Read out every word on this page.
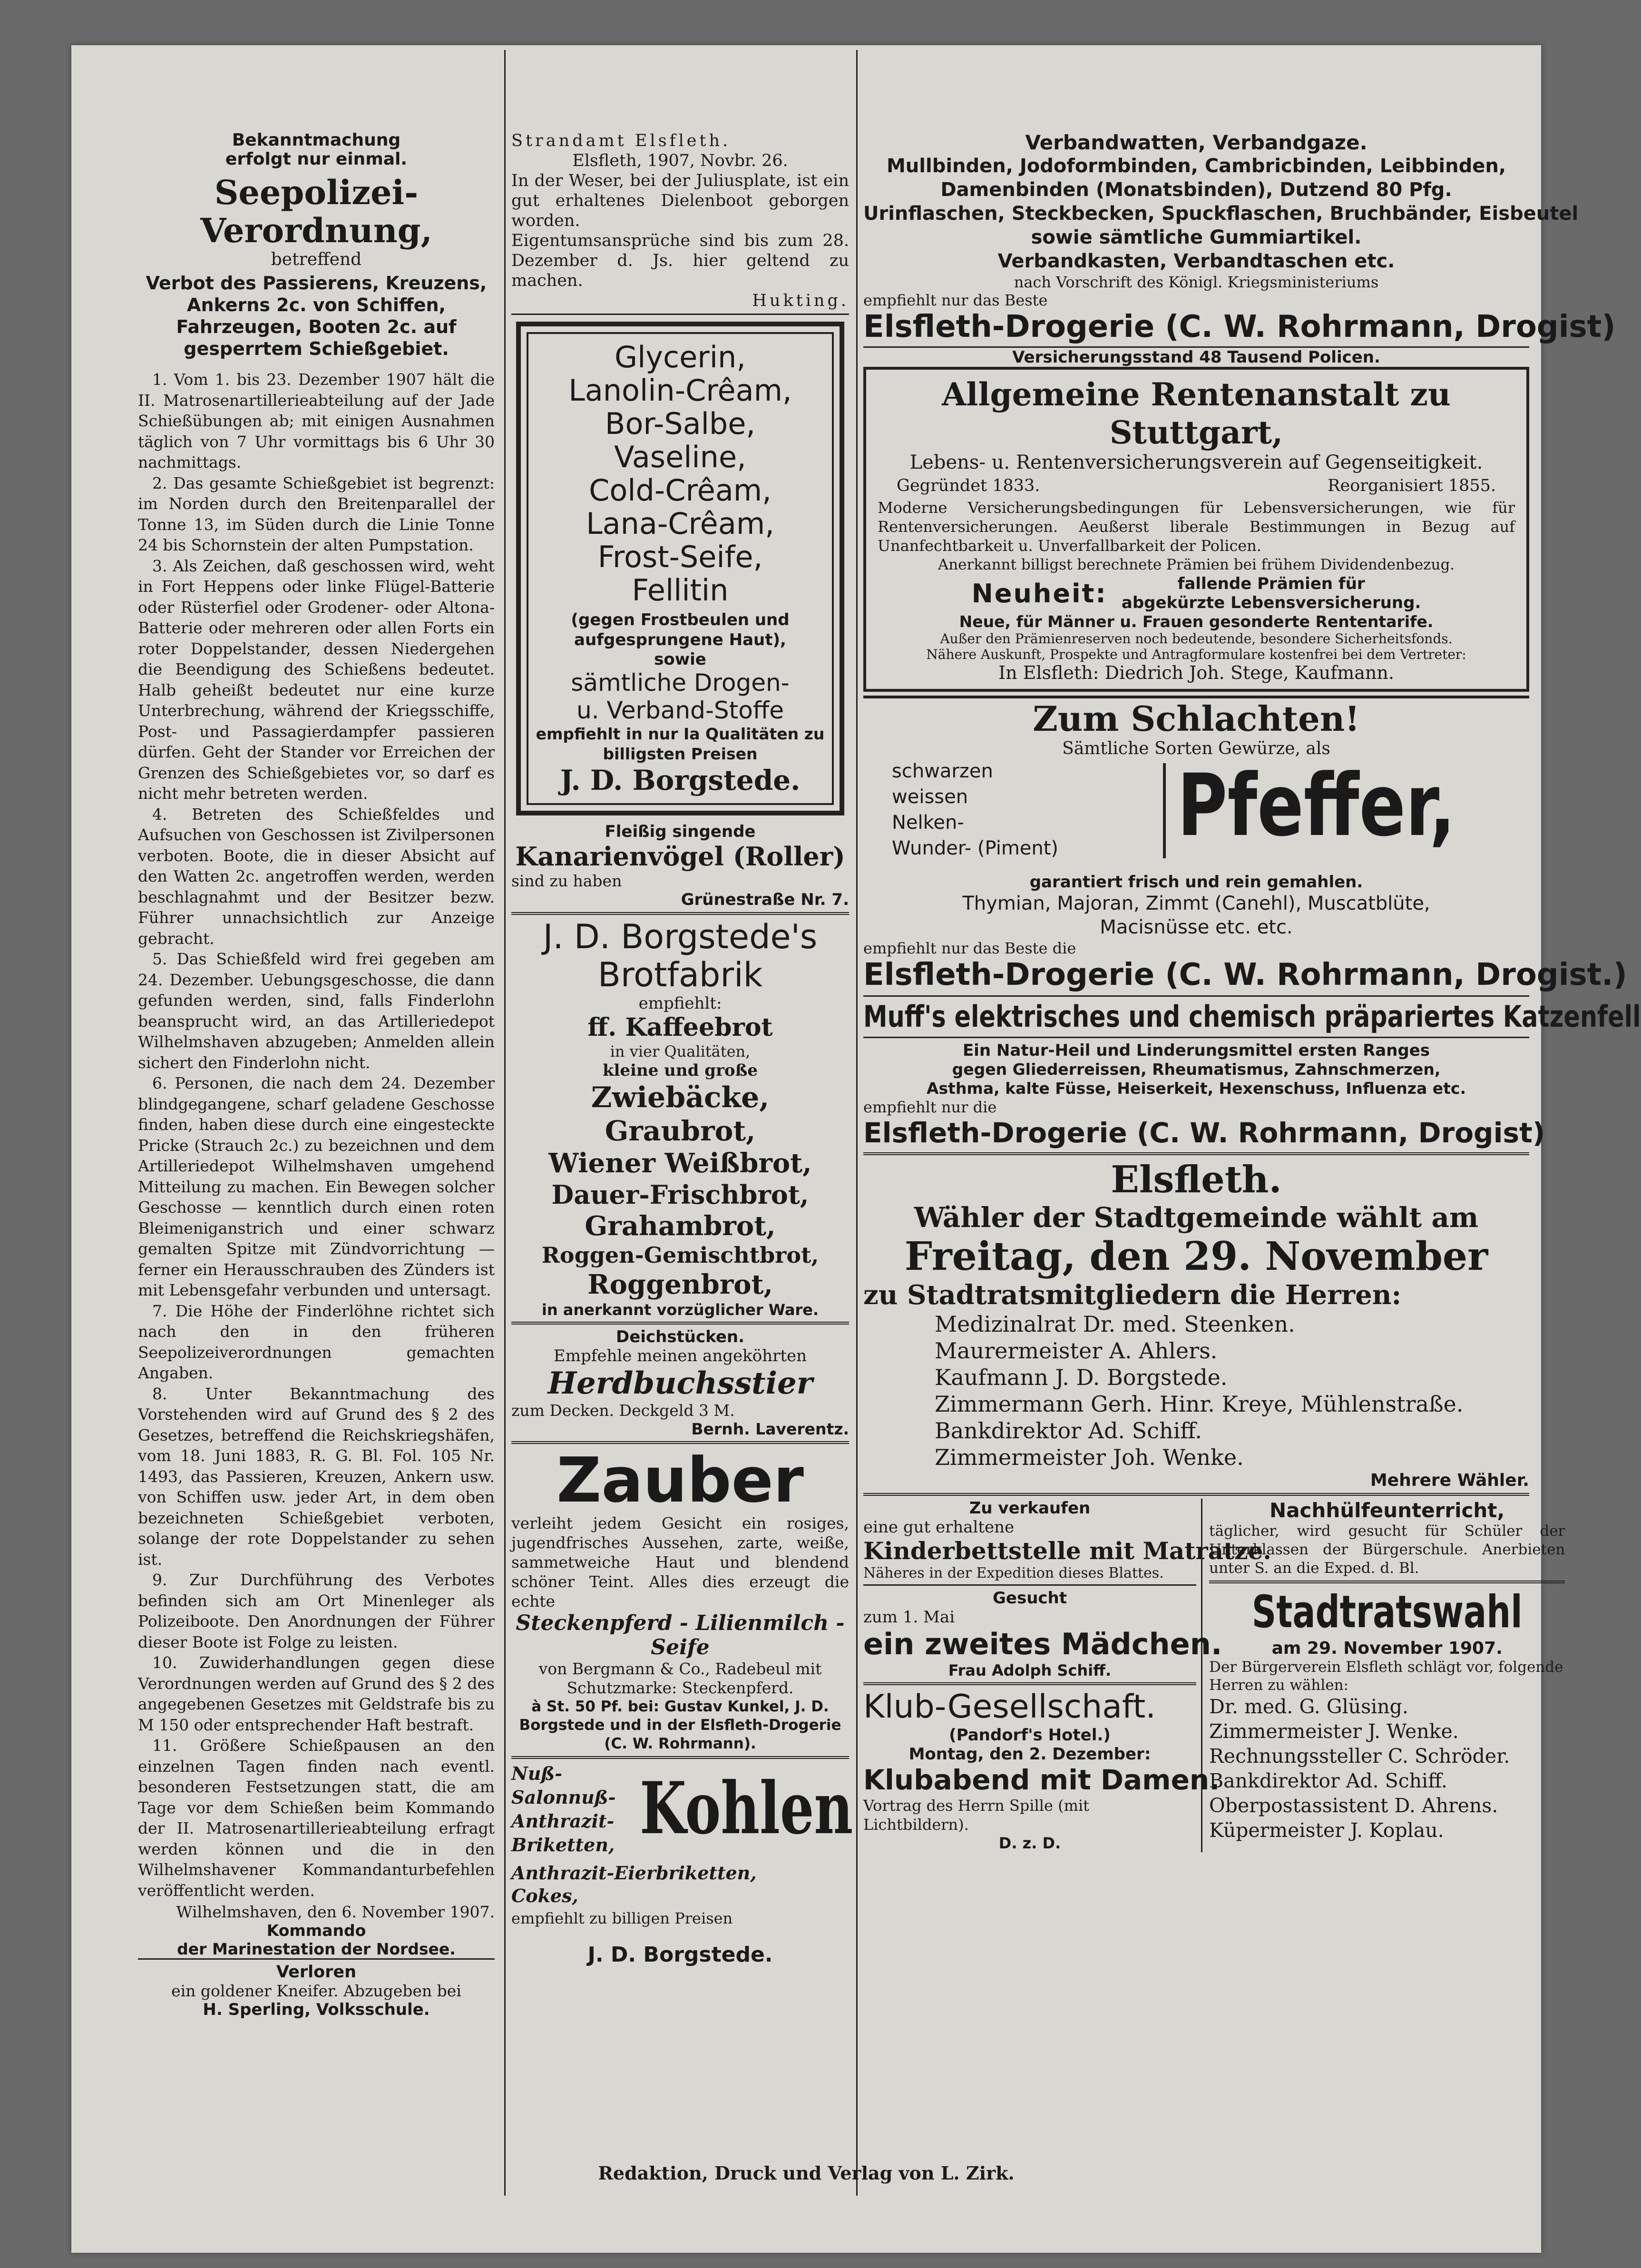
Bekanntmachung
erfolgt nur einmal.
Seepolizei-Verordnung,
betreffend
Verbot des Passierens, Kreuzens, Ankerns 2c. von Schiffen, Fahrzeugen, Booten 2c. auf gesperrtem Schießgebiet.
1. Vom 1. bis 23. Dezember 1907 hält die II. Matrosenartillerieabteilung auf der Jade Schießübungen ab; mit einigen Ausnahmen täglich von 7 Uhr vormittags bis 6 Uhr 30 nachmittags.
2. Das gesamte Schießgebiet ist begrenzt: im Norden durch den Breitenparallel der Tonne 13, im Süden durch die Linie Tonne 24 bis Schornstein der alten Pumpstation.
3. Als Zeichen, daß geschossen wird, weht in Fort Heppens oder linke Flügel-Batterie oder Rüsterfiel oder Grodener- oder Altona-Batterie oder mehreren oder allen Forts ein roter Doppelstander, dessen Niedergehen die Beendigung des Schießens bedeutet. Halb geheißt bedeutet nur eine kurze Unterbrechung, während der Kriegsschiffe, Post- und Passagierdampfer passieren dürfen. Geht der Stander vor Erreichen der Grenzen des Schießgebietes vor, so darf es nicht mehr betreten werden.
4. Betreten des Schießfeldes und Aufsuchen von Geschossen ist Zivilpersonen verboten. Boote, die in dieser Absicht auf den Watten 2c. angetroffen werden, werden beschlagnahmt und der Besitzer bezw. Führer unnachsichtlich zur Anzeige gebracht.
5. Das Schießfeld wird frei gegeben am 24. Dezember. Uebungsgeschosse, die dann gefunden werden, sind, falls Finderlohn beansprucht wird, an das Artilleriedepot Wilhelmshaven abzugeben; Anmelden allein sichert den Finderlohn nicht.
6. Personen, die nach dem 24. Dezember blindgegangene, scharf geladene Geschosse finden, haben diese durch eine eingesteckte Pricke (Strauch 2c.) zu bezeichnen und dem Artilleriedepot Wilhelmshaven umgehend Mitteilung zu machen. Ein Bewegen solcher Geschosse — kenntlich durch einen roten Bleimeniganstrich und einer schwarz gemalten Spitze mit Zündvorrichtung — ferner ein Herausschrauben des Zünders ist mit Lebensgefahr verbunden und untersagt.
7. Die Höhe der Finderlöhne richtet sich nach den in den früheren Seepolizeiverordnungen gemachten Angaben.
8. Unter Bekanntmachung des Vorstehenden wird auf Grund des § 2 des Gesetzes, betreffend die Reichskriegshäfen, vom 18. Juni 1883, R. G. Bl. Fol. 105 Nr. 1493, das Passieren, Kreuzen, Ankern usw. von Schiffen usw. jeder Art, in dem oben bezeichneten Schießgebiet verboten, solange der rote Doppelstander zu sehen ist.
9. Zur Durchführung des Verbotes befinden sich am Ort Minenleger als Polizeiboote. Den Anordnungen der Führer dieser Boote ist Folge zu leisten.
10. Zuwiderhandlungen gegen diese Verordnungen werden auf Grund des § 2 des angegebenen Gesetzes mit Geldstrafe bis zu M 150 oder entsprechender Haft bestraft.
11. Größere Schießpausen an den einzelnen Tagen finden nach eventl. besonderen Festsetzungen statt, die am Tage vor dem Schießen beim Kommando der II. Matrosenartillerieabteilung erfragt werden können und die in den Wilhelmshavener Kommandanturbefehlen veröffentlicht werden.
Wilhelmshaven, den 6. November 1907.
Kommando
der Marinestation der Nordsee.
Verloren
ein goldener Kneifer. Abzugeben bei
H. Sperling, Volksschule.
Strandamt Elsfleth.
Elsfleth, 1907, Novbr. 26.
In der Weser, bei der Juliusplate, ist ein gut erhaltenes Dielenboot geborgen worden.
Eigentumsansprüche sind bis zum 28. Dezember d. Js. hier geltend zu machen.
Hukting.
Glycerin,
Lanolin-Crêam,
Bor-Salbe,
Vaseline,
Cold-Crêam,
Lana-Crêam,
Frost-Seife,
Fellitin
(gegen Frostbeulen und aufgesprungene Haut),
sowie
sämtliche Drogen-
u. Verband-Stoffe
empfiehlt in nur Ia Qualitäten zu billigsten Preisen
J. D. Borgstede.
Fleißig singende
Kanarienvögel (Roller)
sind zu haben
Grünestraße Nr. 7.
J. D. Borgstede's
Brotfabrik
empfiehlt:
ff. Kaffeebrot
in vier Qualitäten,
kleine und große
Zwiebäcke,
Graubrot,
Wiener Weißbrot,
Dauer-Frischbrot,
Grahambrot,
Roggen-Gemischtbrot,
Roggenbrot,
in anerkannt vorzüglicher Ware.
Deichstücken.
Empfehle meinen angeköhrten
Herdbuchsstier
zum Decken. Deckgeld 3 M.
Bernh. Laverentz.
Zauber
verleiht jedem Gesicht ein rosiges, jugendfrisches Aussehen, zarte, weiße, sammetweiche Haut und blendend schöner Teint. Alles dies erzeugt die echte
Steckenpferd - Lilienmilch - Seife
von Bergmann & Co., Radebeul mit Schutzmarke: Steckenpferd.
à St. 50 Pf. bei: Gustav Kunkel, J. D. Borgstede und in der Elsfleth-Drogerie (C. W. Rohrmann).
Nuß-
Salonnuß-
Anthrazit-
Briketten, Kohlen
Anthrazit-Eierbriketten,
Cokes,
empfiehlt zu billigen Preisen
J. D. Borgstede.
Verbandwatten, Verbandgaze.
Mullbinden, Jodoformbinden, Cambricbinden, Leibbinden,
Damenbinden (Monatsbinden), Dutzend 80 Pfg.
Urinflaschen, Steckbecken, Spuckflaschen, Bruchbänder, Eisbeutel
sowie sämtliche Gummiartikel.
Verbandkasten, Verbandtaschen etc.
nach Vorschrift des Königl. Kriegsministeriums
empfiehlt nur das Beste
Elsfleth-Drogerie (C. W. Rohrmann, Drogist)
Versicherungsstand 48 Tausend Policen.
Allgemeine Rentenanstalt zu Stuttgart,
Lebens- u. Rentenversicherungsverein auf Gegenseitigkeit.
Gegründet 1833.	Reorganisiert 1855.
Moderne Versicherungsbedingungen für Lebensversicherungen, wie für Rentenversicherungen. Aeußerst liberale Bestimmungen in Bezug auf Unanfechtbarkeit u. Unverfallbarkeit der Policen.
Anerkannt billigst berechnete Prämien bei frühem Dividendenbezug.
Neuheit:	fallende Prämien für
abgekürzte Lebensversicherung.
Neue, für Männer u. Frauen gesonderte Rententarife.
Außer den Prämienreserven noch bedeutende, besondere Sicherheitsfonds.
Nähere Auskunft, Prospekte und Antragformulare kostenfrei bei dem Vertreter:
In Elsfleth: Diedrich Joh. Stege, Kaufmann.
Zum Schlachten!
Sämtliche Sorten Gewürze, als
schwarzen
weissen
Nelken-
Wunder- (Piment) Pfeffer,
garantiert frisch und rein gemahlen.
Thymian, Majoran, Zimmt (Canehl), Muscatblüte,
Macisnüsse etc. etc.
empfiehlt nur das Beste die
Elsfleth-Drogerie (C. W. Rohrmann, Drogist.)
Muff's elektrisches und chemisch präpariertes Katzenfell
Ein Natur-Heil und Linderungsmittel ersten Ranges
gegen Gliederreissen, Rheumatismus, Zahnschmerzen,
Asthma, kalte Füsse, Heiserkeit, Hexenschuss, Influenza etc.
empfiehlt nur die
Elsfleth-Drogerie (C. W. Rohrmann, Drogist)
Elsfleth.
Wähler der Stadtgemeinde wählt am
Freitag, den 29. November
zu Stadtratsmitgliedern die Herren:
Medizinalrat Dr. med. Steenken.
Maurermeister A. Ahlers.
Kaufmann J. D. Borgstede.
Zimmermann Gerh. Hinr. Kreye, Mühlenstraße.
Bankdirektor Ad. Schiff.
Zimmermeister Joh. Wenke.
Mehrere Wähler.
Zu verkaufen
eine gut erhaltene
Kinderbettstelle mit Matratze.
Näheres in der Expedition dieses Blattes.
Gesucht
zum 1. Mai
ein zweites Mädchen.
Frau Adolph Schiff.
Klub-Gesellschaft.
(Pandorf's Hotel.)
Montag, den 2. Dezember:
Klubabend mit Damen.
Vortrag des Herrn Spille (mit Lichtbildern).
D. z. D.
Nachhülfeunterricht,
täglicher, wird gesucht für Schüler der Unterklassen der Bürgerschule. Anerbieten unter S. an die Exped. d. Bl.
Stadtratswahl
am 29. November 1907.
Der Bürgerverein Elsfleth schlägt vor, folgende Herren zu wählen:
Dr. med. G. Glüsing.
Zimmermeister J. Wenke.
Rechnungssteller C. Schröder.
Bankdirektor Ad. Schiff.
Oberpostassistent D. Ahrens.
Küpermeister J. Koplau.
Redaktion, Druck und Verlag von L. Zirk.
